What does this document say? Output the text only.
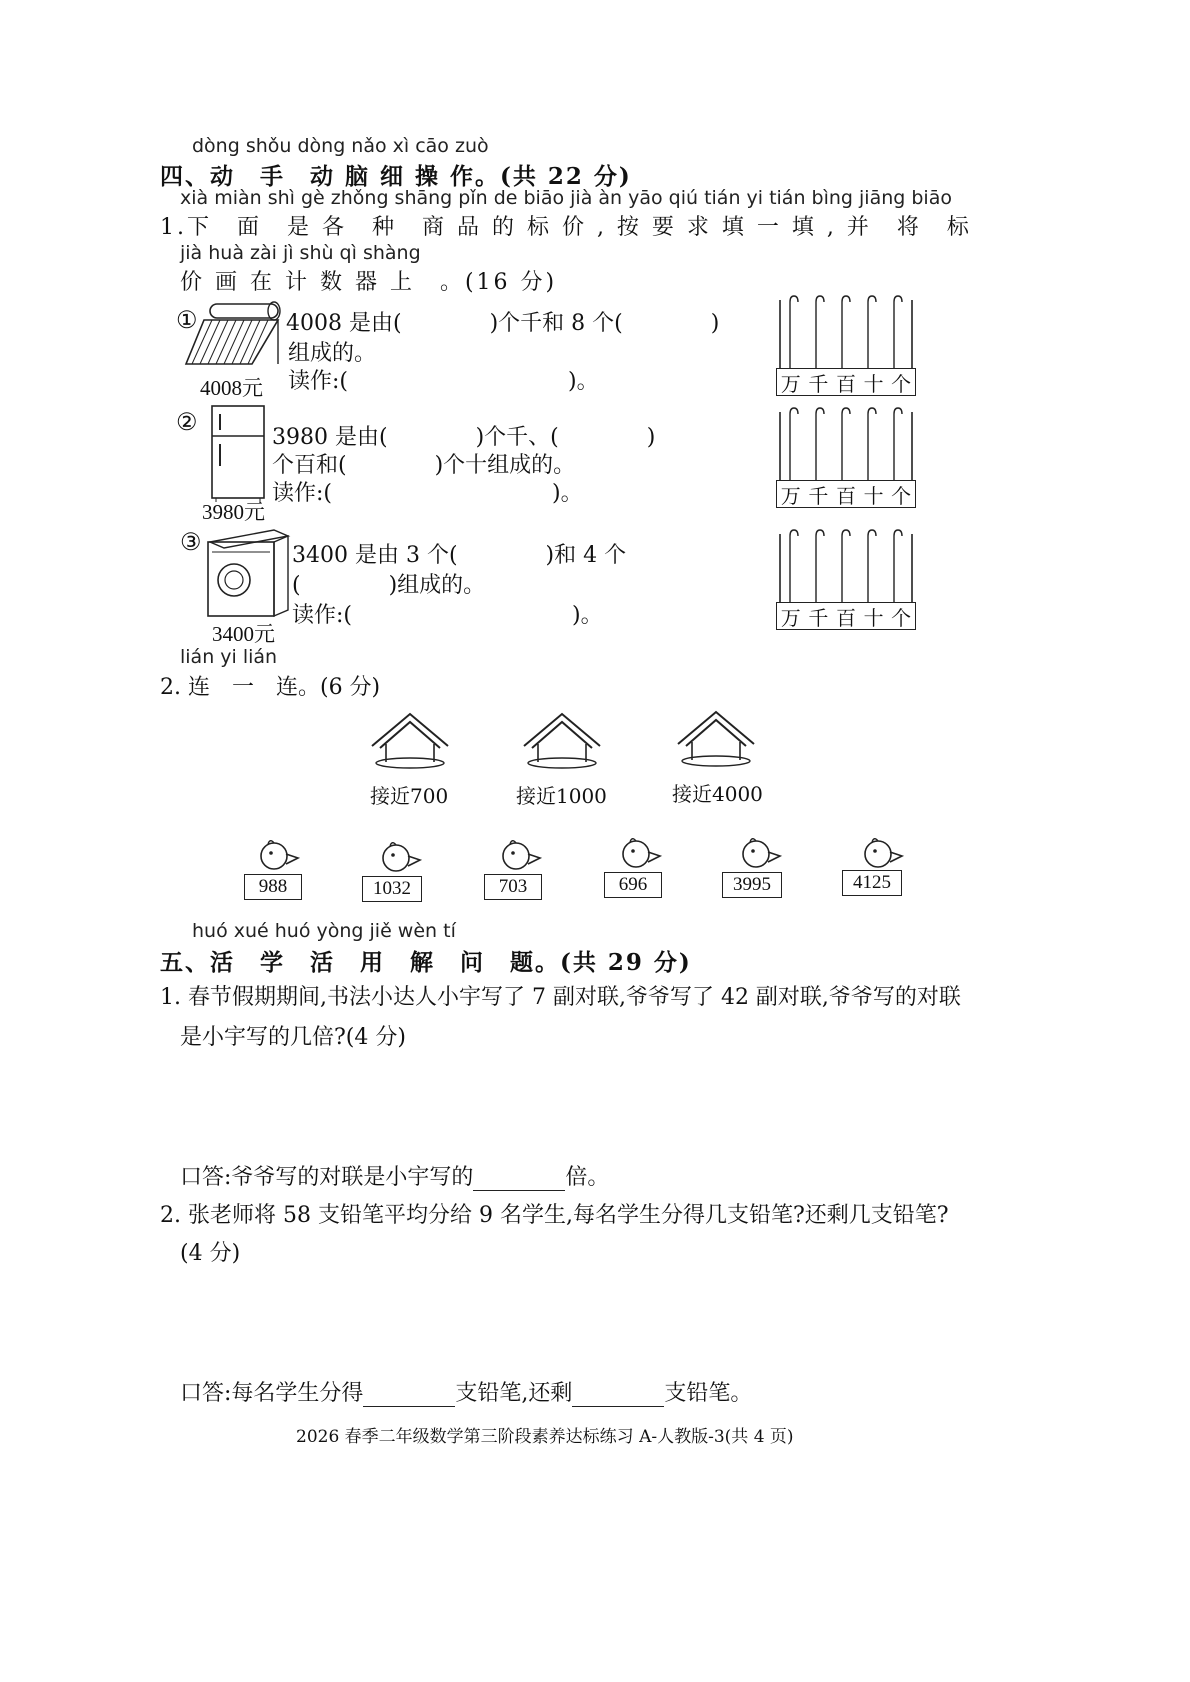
dòng shǒu dòng nǎo xì cāo zuò
四、动　手　动 脑 细 操 作。(共 22 分)
xià miàn shì gè zhǒng shāng pǐn de biāo jià àn yāo qiú tián yi tián bìng jiāng biāo
1.下　面　是 各　种　商 品 的 标 价 , 按 要 求 填 一 填 , 并　将　标
jià huà zài jì shù qì shàng
价 画 在 计 数 器 上　。(16 分)
①
4008元
4008 是由(　　　　)个千和 8 个(　　　　)
组成的。
读作:(　　　　　　　　　　)。
②
3980元
3980 是由(　　　　)个千、(　　　　)
个百和(　　　　)个十组成的。
读作:(　　　　　　　　　　)。
③
3400元
3400 是由 3 个(　　　　)和 4 个
(　　　　)组成的。
读作:(　　　　　　　　　　)。
万 千 百 十 个
万 千 百 十 个
万 千 百 十 个
lián yi lián
2. 连　一　连。(6 分)
接近700	接近1000	接近4000
988	1032	703	696	3995	4125
huó xué huó yòng jiě wèn tí
五、活　学　活　用　解　问　题。(共 29 分)
1. 春节假期期间,书法小达人小宇写了 7 副对联,爷爷写了 42 副对联,爷爷写的对联
是小宇写的几倍?(4 分)
口答:爷爷写的对联是小宇写的	倍。
2. 张老师将 58 支铅笔平均分给 9 名学生,每名学生分得几支铅笔?还剩几支铅笔?
(4 分)
口答:每名学生分得	支铅笔,还剩	支铅笔。
2026 春季二年级数学第三阶段素养达标练习 A-人教版-3(共 4 页)
